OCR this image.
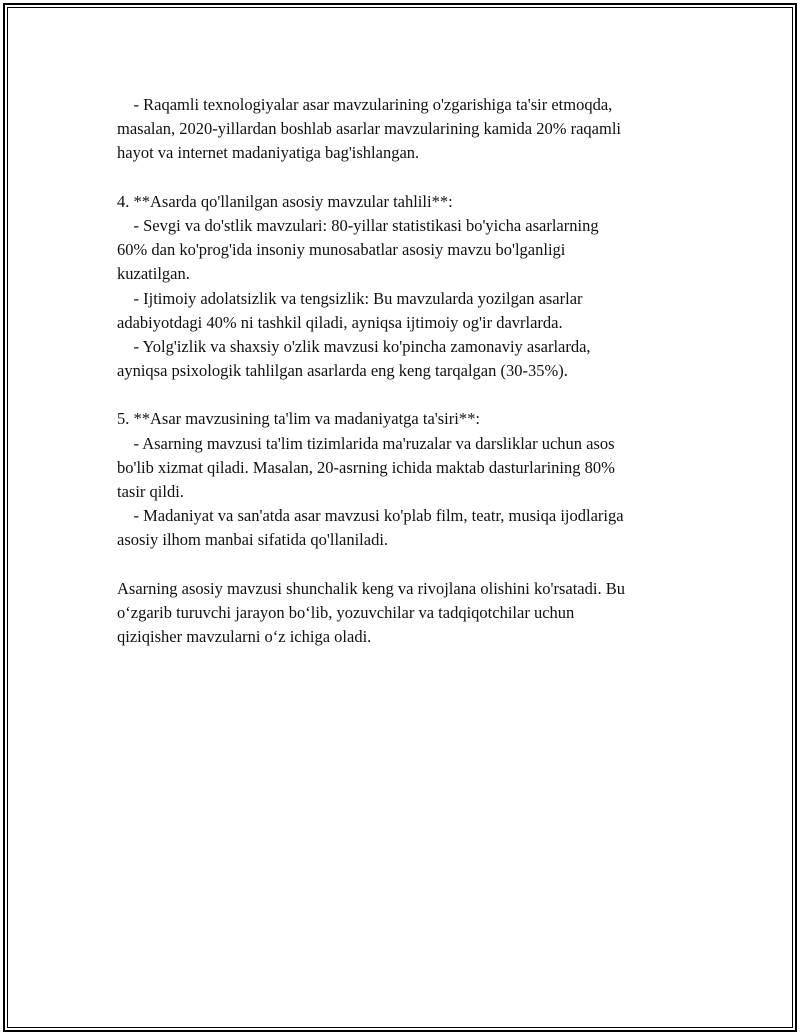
- Raqamli texnologiyalar asar mavzularining o'zgarishiga ta'sir etmoqda,
masalan, 2020-yillardan boshlab asarlar mavzularining kamida 20% raqamli
hayot va internet madaniyatiga bag'ishlangan.
4. **Asarda qo'llanilgan asosiy mavzular tahlili**:
- Sevgi va do'stlik mavzulari: 80-yillar statistikasi bo'yicha asarlarning
60% dan ko'prog'ida insoniy munosabatlar asosiy mavzu bo'lganligi
kuzatilgan.
- Ijtimoiy adolatsizlik va tengsizlik: Bu mavzularda yozilgan asarlar
adabiyotdagi 40% ni tashkil qiladi, ayniqsa ijtimoiy og'ir davrlarda.
- Yolg'izlik va shaxsiy o'zlik mavzusi ko'pincha zamonaviy asarlarda,
ayniqsa psixologik tahlilgan asarlarda eng keng tarqalgan (30-35%).
5. **Asar mavzusining ta'lim va madaniyatga ta'siri**:
- Asarning mavzusi ta'lim tizimlarida ma'ruzalar va darsliklar uchun asos
bo'lib xizmat qiladi. Masalan, 20-asrning ichida maktab dasturlarining 80%
tasir qildi.
- Madaniyat va san'atda asar mavzusi ko'plab film, teatr, musiqa ijodlariga
asosiy ilhom manbai sifatida qo'llaniladi.
Asarning asosiy mavzusi shunchalik keng va rivojlana olishini ko'rsatadi. Bu
o‘zgarib turuvchi jarayon bo‘lib, yozuvchilar va tadqiqotchilar uchun
qiziqisher mavzularni o‘z ichiga oladi.
